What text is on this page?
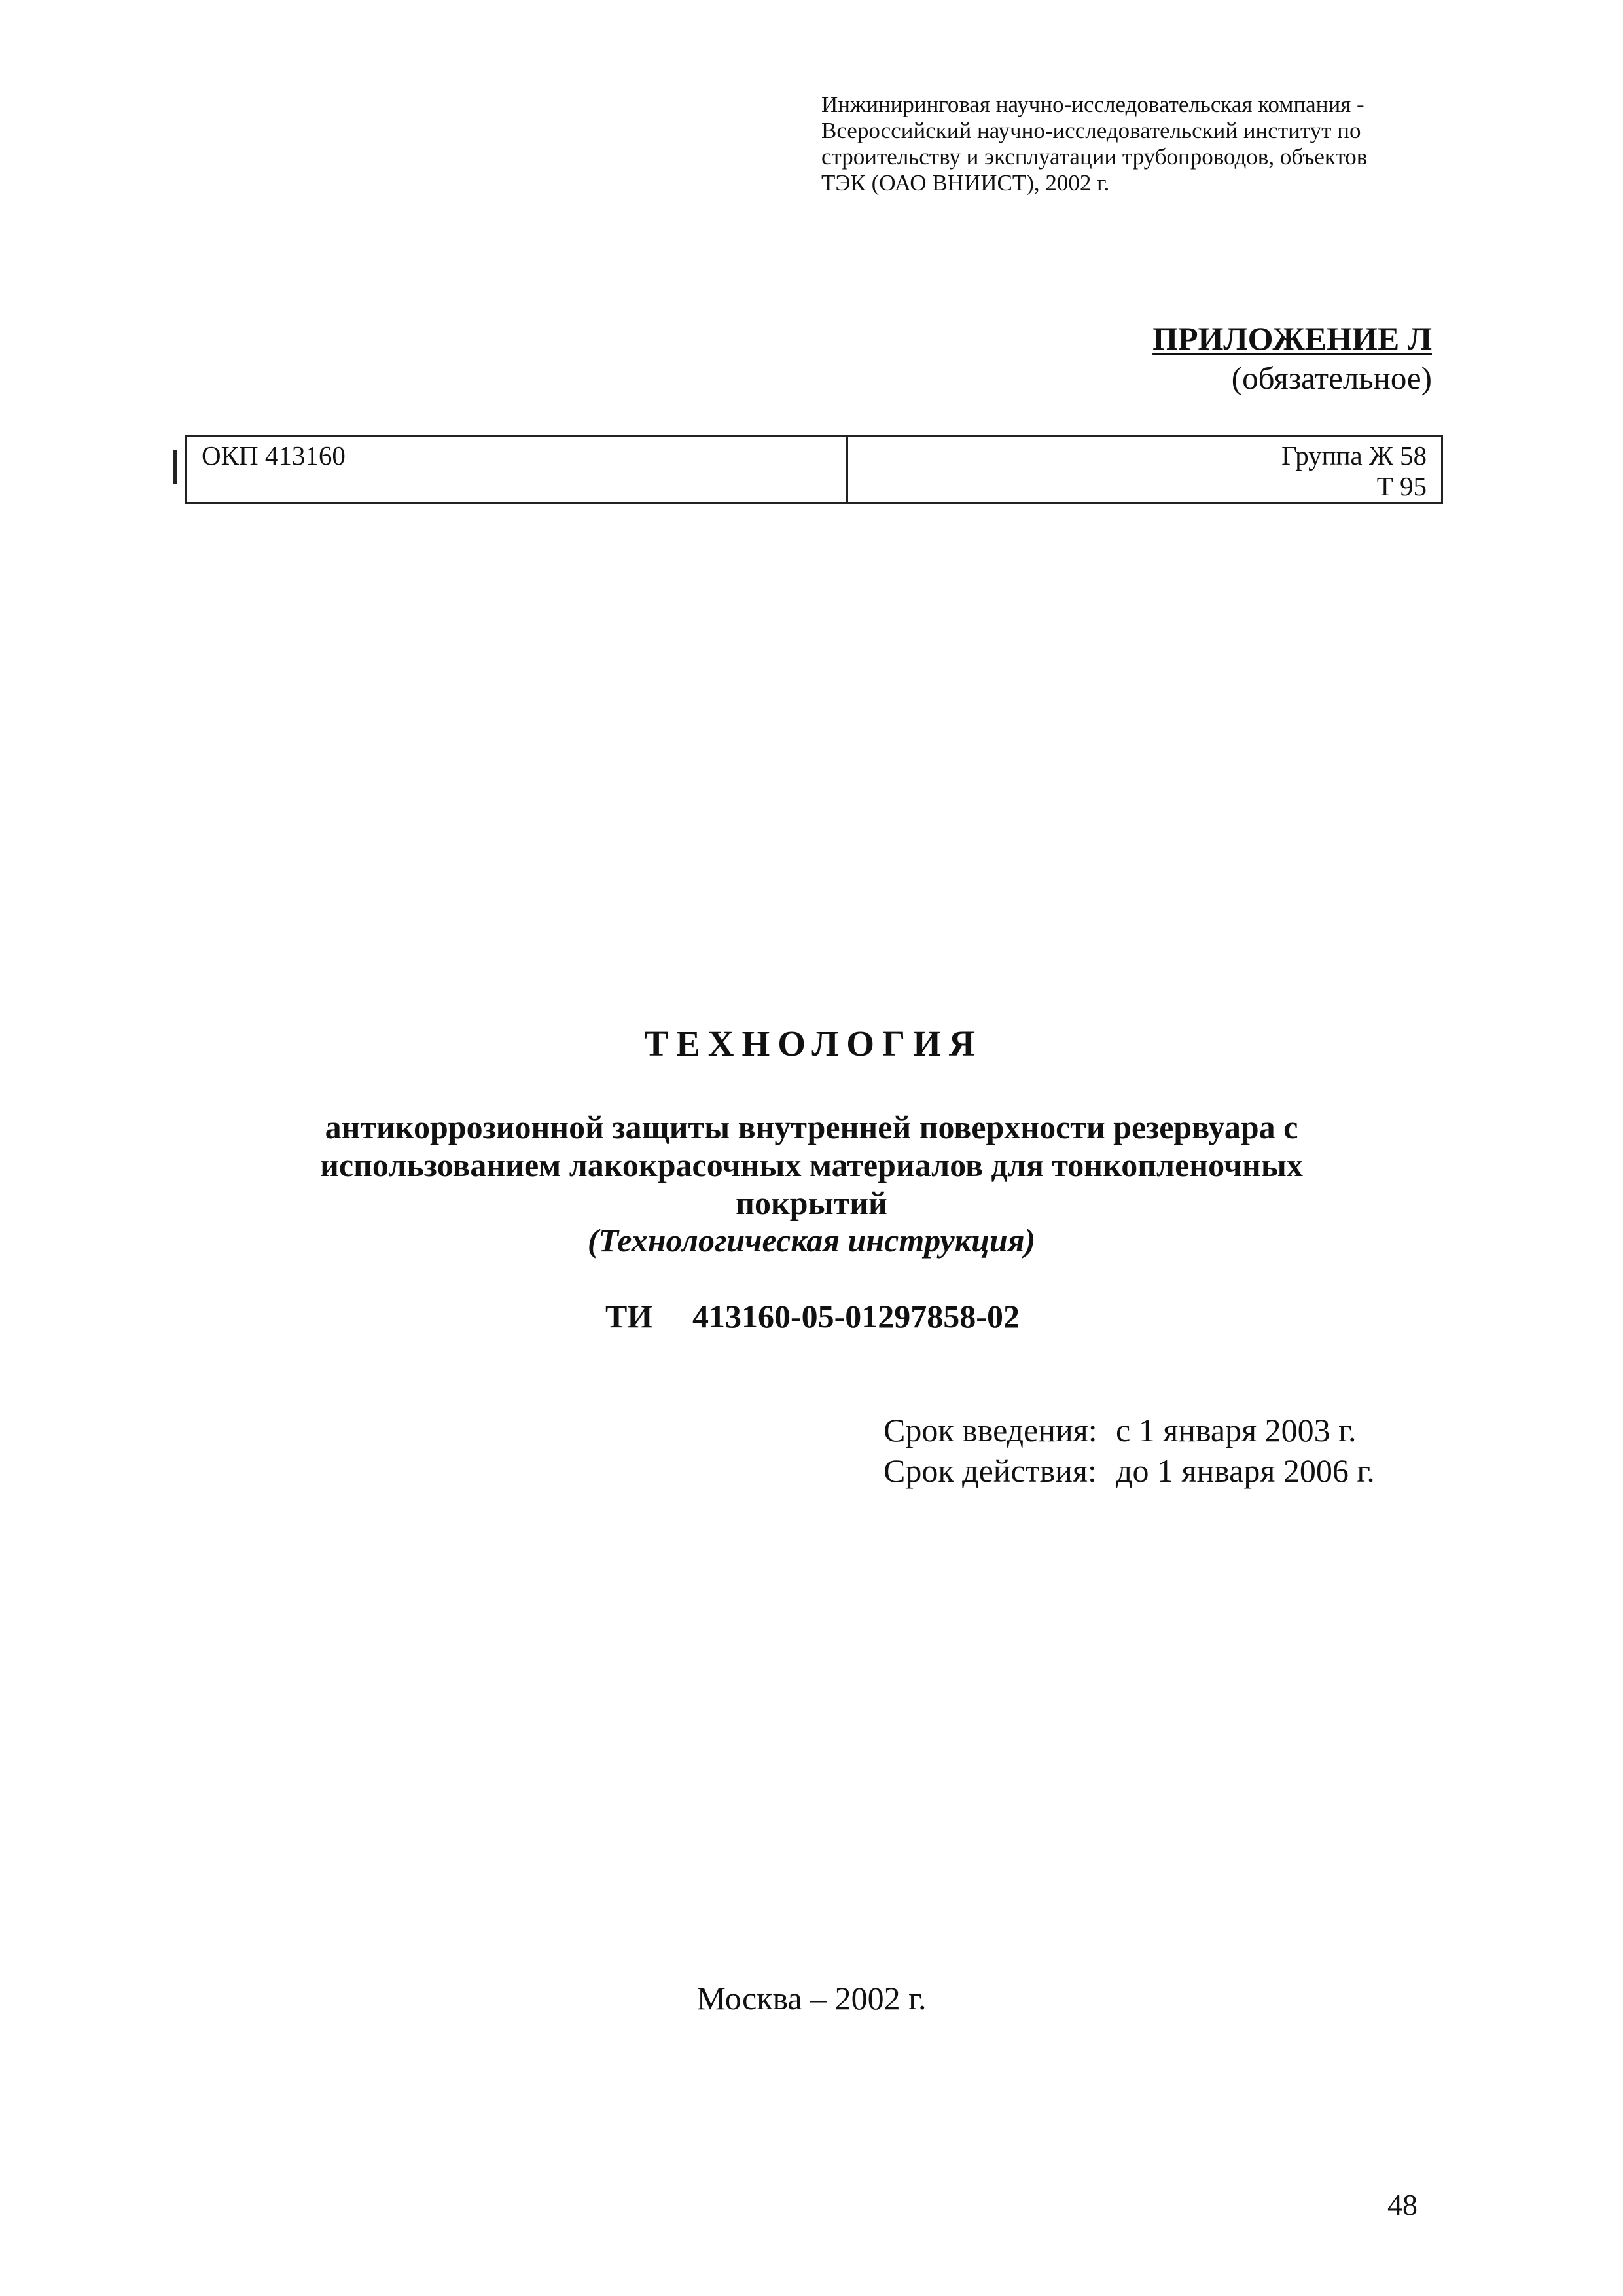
Инжиниринговая научно-исследовательская компания -
Всероссийский научно-исследовательский институт по
строительству и эксплуатации трубопроводов, объектов
ТЭК (ОАО ВНИИСТ), 2002 г.
ПРИЛОЖЕНИЕ Л
(обязательное)
ОКП 413160	Группа Ж 58
Т 95
ТЕХНОЛОГИЯ
антикоррозионной защиты внутренней поверхности резервуара с
использованием лакокрасочных материалов для тонкопленочных
покрытий
(Технологическая инструкция)
ТИ 413160-05-01297858-02
Срок введения: с 1 января 2003 г.
Срок действия: до 1 января 2006 г.
Москва – 2002 г.
48
